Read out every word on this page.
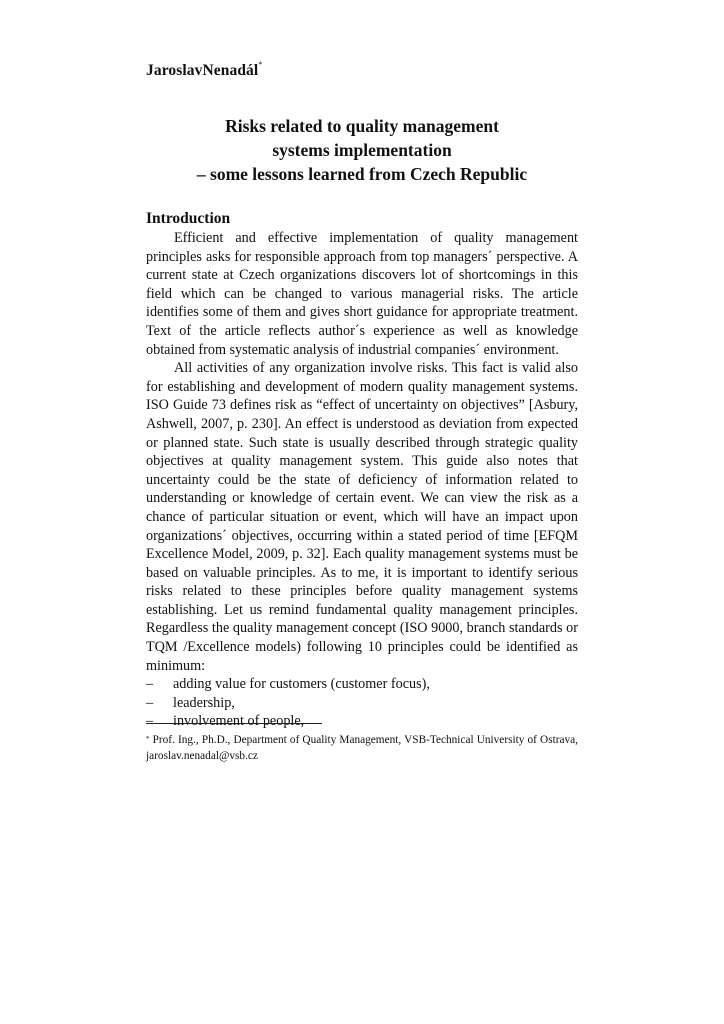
JaroslavNenadál*
Risks related to quality management
systems implementation
– some lessons learned from Czech Republic
Introduction

Efficient and effective implementation of quality management principles asks for responsible approach from top managers´ perspective. A current state at Czech organizations discovers lot of shortcomings in this field which can be changed to various managerial risks. The article identifies some of them and gives short guidance for appropriate treatment. Text of the article reflects author´s experience as well as knowledge obtained from systematic analysis of industrial companies´ environment.

All activities of any organization involve risks. This fact is valid also for establishing and development of modern quality management systems. ISO Guide 73 defines risk as “effect of uncertainty on objectives” [Asbury, Ashwell, 2007, p. 230]. An effect is understood as deviation from expected or planned state. Such state is usually described through strategic quality objectives at quality management system. This guide also notes that uncertainty could be the state of deficiency of information related to understanding or knowledge of certain event. We can view the risk as a chance of particular situation or event, which will have an impact upon organizations´ objectives, occurring within a stated period of time [EFQM Excellence Model, 2009, p. 32]. Each quality management systems must be based on valuable principles. As to me, it is important to identify serious risks related to these principles before quality management systems establishing. Let us remind fundamental quality management principles. Regardless the quality management concept (ISO 9000, branch standards or TQM /Excellence models) following 10 principles could be identified as minimum:

– adding value for customers (customer focus),
– leadership,
– involvement of people,
* Prof. Ing., Ph.D., Department of Quality Management, VSB-Technical University of Ostrava, jaroslav.nenadal@vsb.cz
